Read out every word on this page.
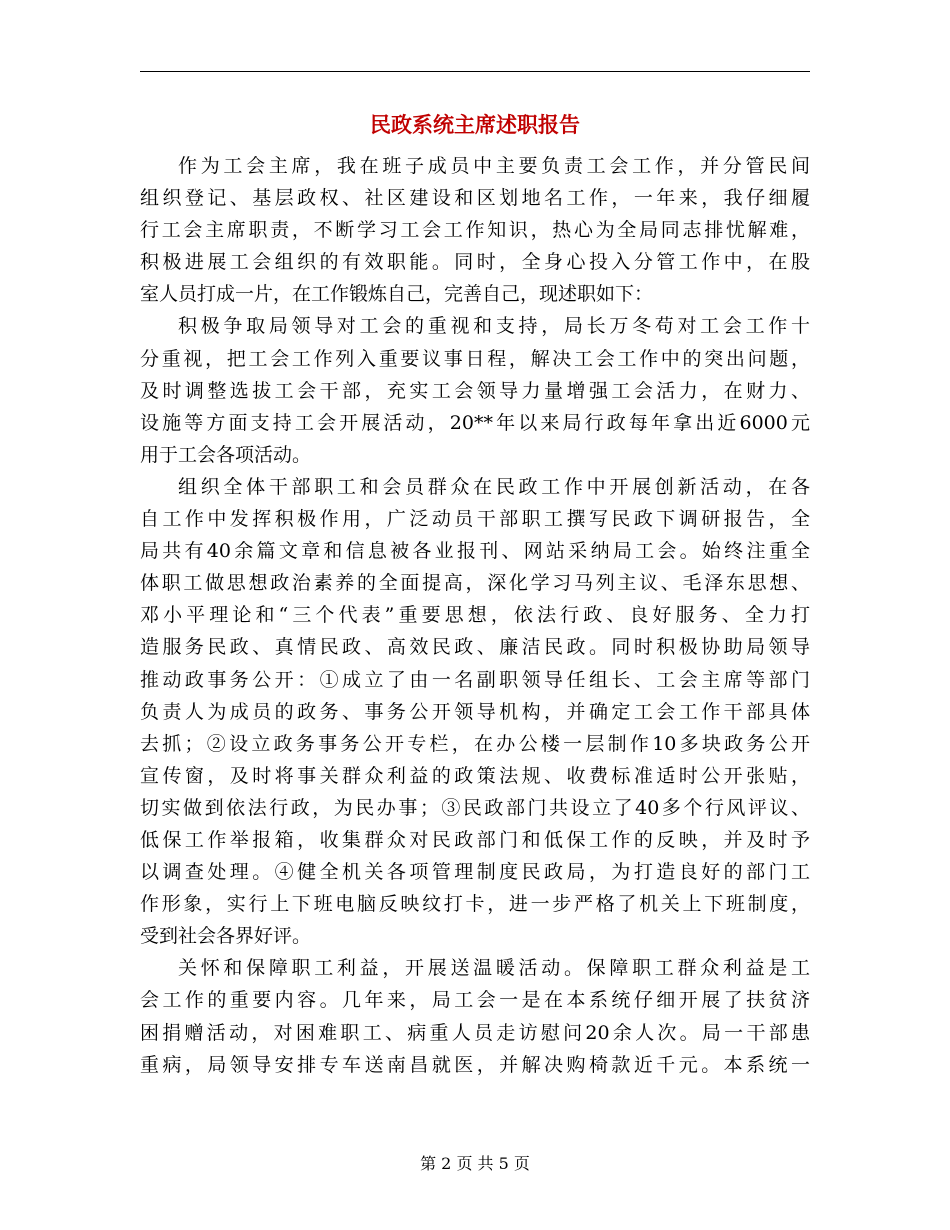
民政系统主席述职报告

作为工会主席，我在班子成员中主要负责工会工作，并分管民间
组织登记、基层政权、社区建设和区划地名工作，一年来，我仔细履
行工会主席职责，不断学习工会工作知识，热心为全局同志排忧解难，
积极进展工会组织的有效职能。同时，全身心投入分管工作中，在股
室人员打成一片，在工作锻炼自己，完善自己，现述职如下：

积极争取局领导对工会的重视和支持，局长万冬苟对工会工作十
分重视，把工会工作列入重要议事日程，解决工会工作中的突出问题，
及时调整选拔工会干部，充实工会领导力量增强工会活力，在财力、
设施等方面支持工会开展活动，20**年以来局行政每年拿出近6000元
用于工会各项活动。

组织全体干部职工和会员群众在民政工作中开展创新活动，在各
自工作中发挥积极作用，广泛动员干部职工撰写民政下调研报告，全
局共有40余篇文章和信息被各业报刊、网站采纳局工会。始终注重全
体职工做思想政治素养的全面提高，深化学习马列主议、毛泽东思想、
邓小平理论和“三个代表”重要思想，依法行政、良好服务、全力打
造服务民政、真情民政、高效民政、廉洁民政。同时积极协助局领导
推动政事务公开：①成立了由一名副职领导任组长、工会主席等部门
负责人为成员的政务、事务公开领导机构，并确定工会工作干部具体
去抓；②设立政务事务公开专栏，在办公楼一层制作10多块政务公开
宣传窗，及时将事关群众利益的政策法规、收费标准适时公开张贴，
切实做到依法行政，为民办事；③民政部门共设立了40多个行风评议、
低保工作举报箱，收集群众对民政部门和低保工作的反映，并及时予
以调查处理。④健全机关各项管理制度民政局，为打造良好的部门工
作形象，实行上下班电脑反映纹打卡，进一步严格了机关上下班制度，
受到社会各界好评。

关怀和保障职工利益，开展送温暖活动。保障职工群众利益是工
会工作的重要内容。几年来，局工会一是在本系统仔细开展了扶贫济
困捐赠活动，对困难职工、病重人员走访慰问20余人次。局一干部患
重病，局领导安排专车送南昌就医，并解决购椅款近千元。本系统一

第 2 页 共 5 页
